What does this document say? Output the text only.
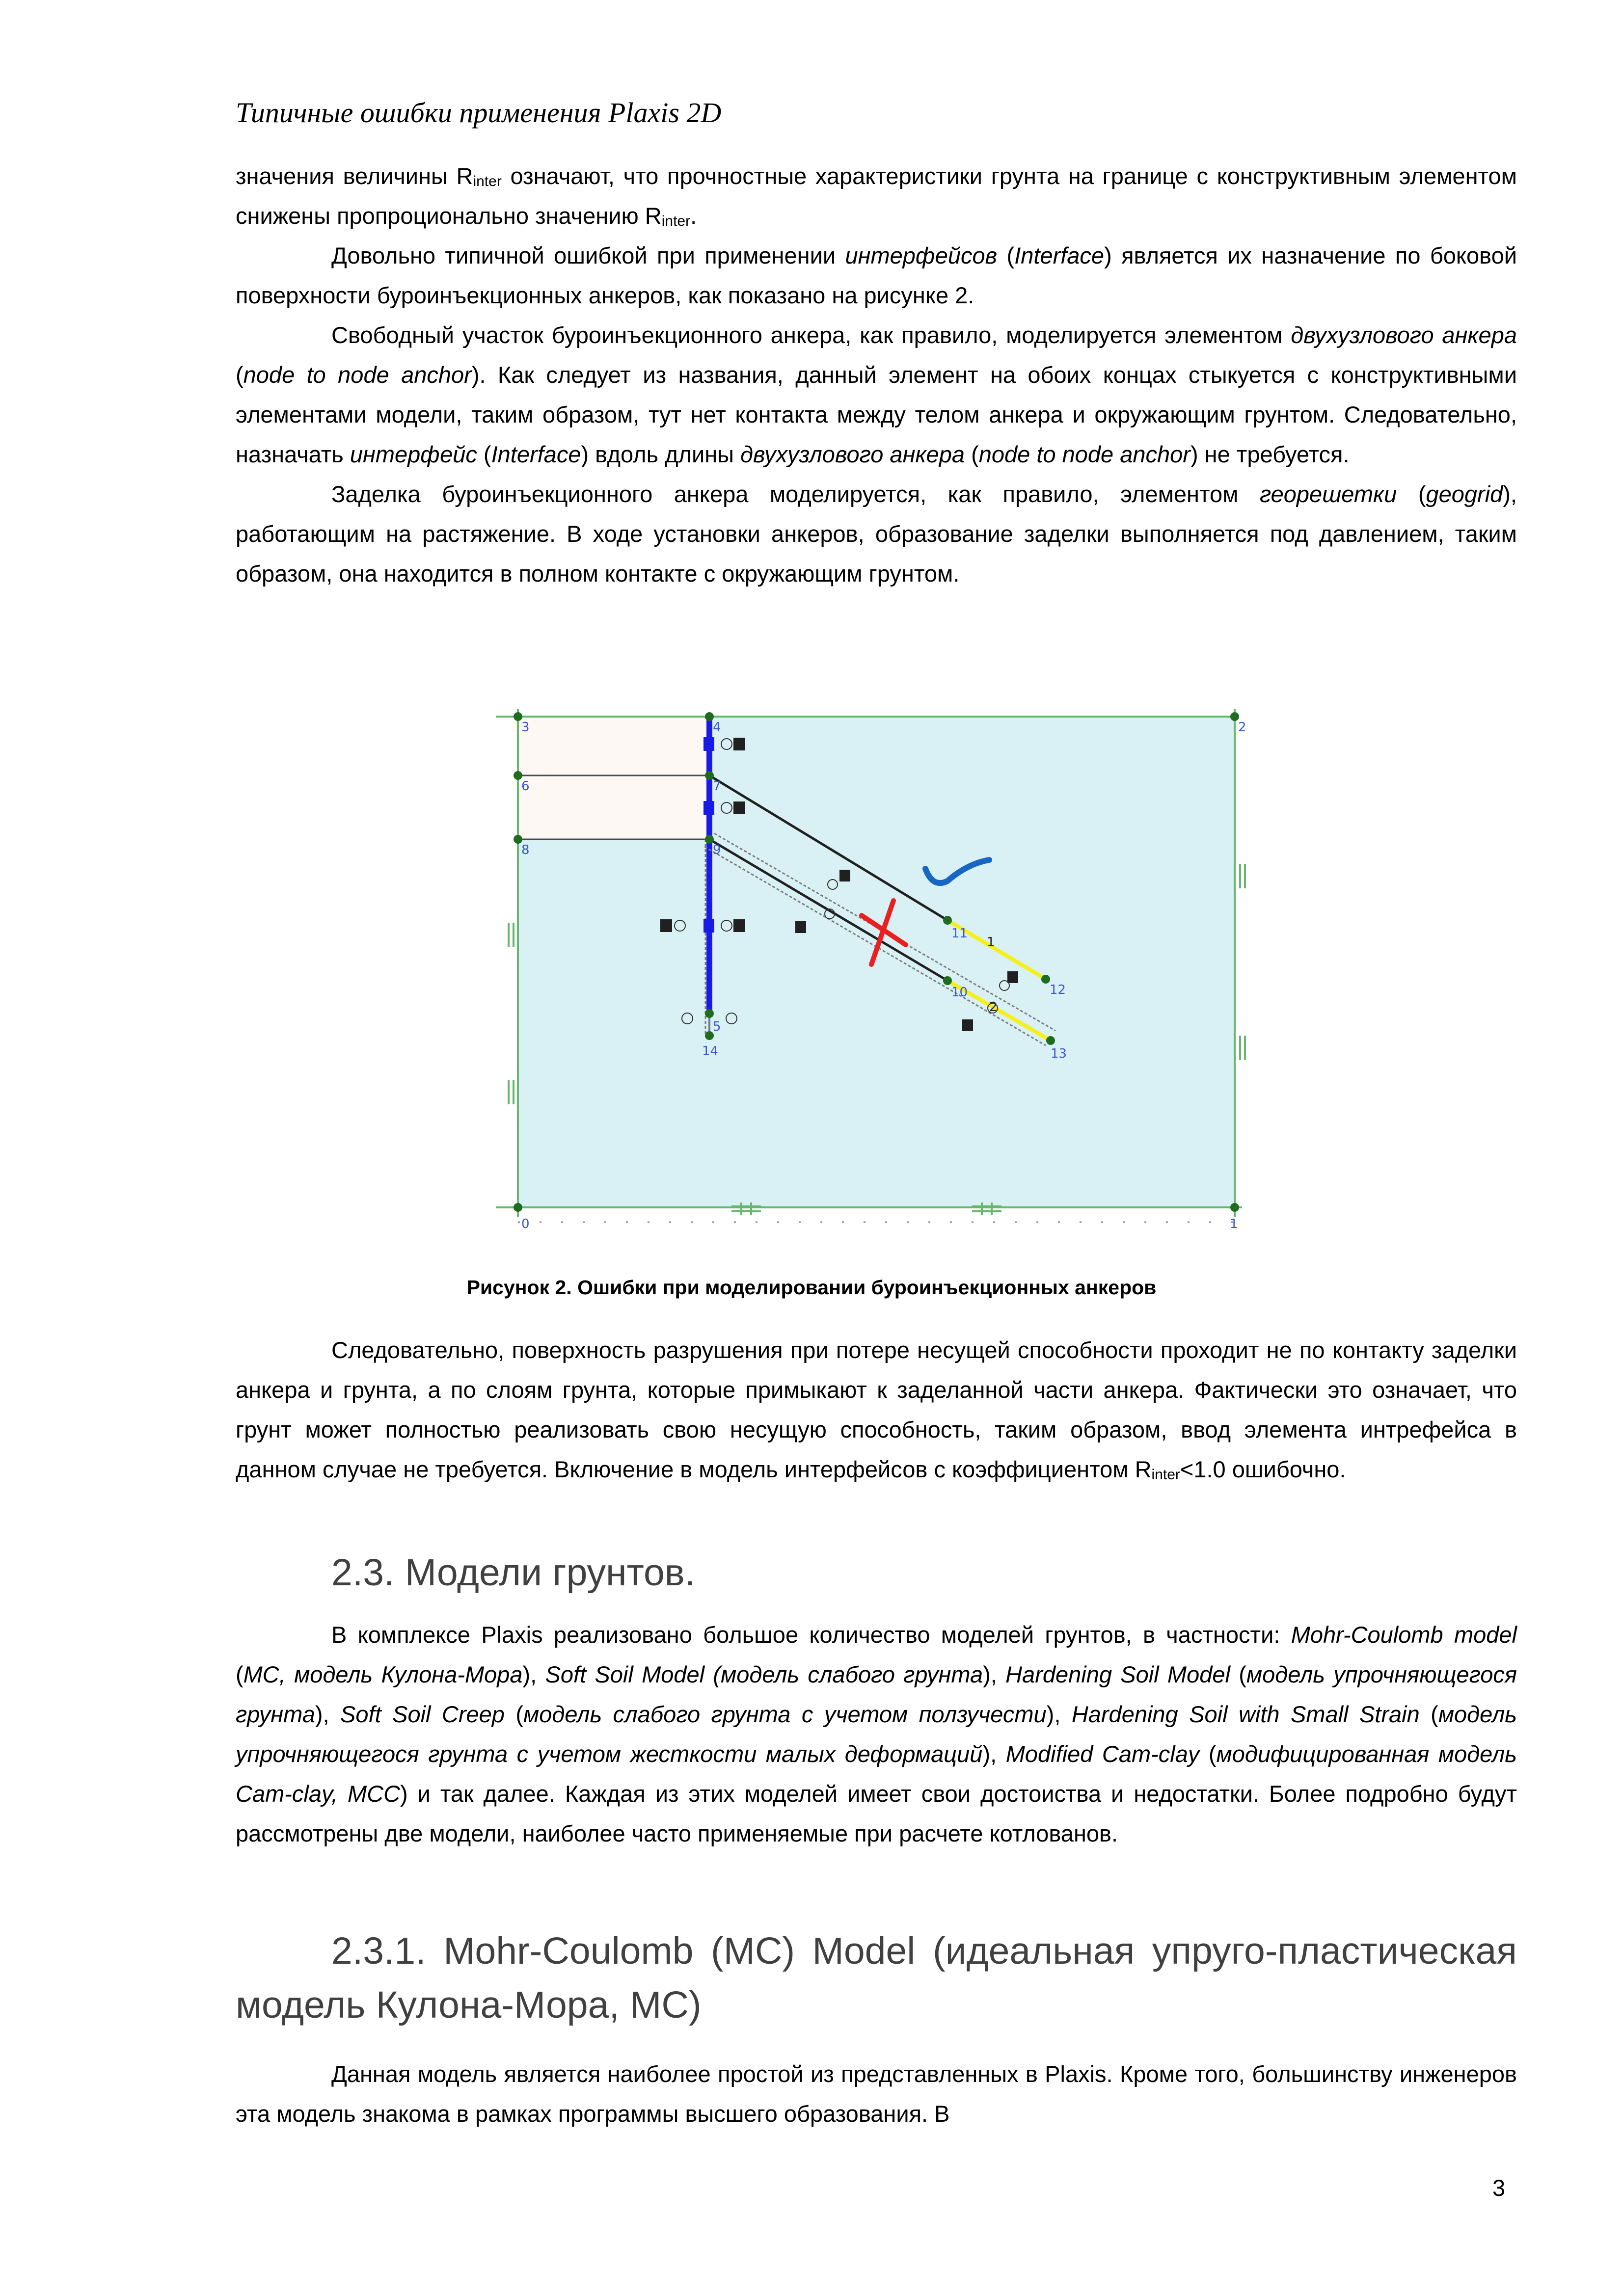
Типичные ошибки применения Plaxis 2D

значения величины $R_{inter}$ означают, что прочностные характеристики грунта на границе с конструктивным элементом снижены пропроционально значению $R_{inter}$.

Довольно типичной ошибкой при применении интерфейсов (Interface) является их назначение по боковой поверхности буроинъекционных анкеров, как показано на рисунке 2.

Свободный участок буроинъекционного анкера, как правило, моделируется элементом двухузлового анкера (node to node anchor). Как следует из названия, данный элемент на обоих концах стыкуется с конструктивными элементами модели, таким образом, тут нет контакта между телом анкера и окружающим грунтом. Следовательно, назначать интерфейс (Interface) вдоль длины двухузлового анкера (node to node anchor) не требуется.

Заделка буроинъекционного анкера моделируется, как правило, элементом георешетки (geogrid), работающим на растяжение. В ходе установки анкеров, образование заделки выполняется под давлением, таким образом, она находится в полном контакте с окружающим грунтом.

3	4	2
6	7
8	9
11
12
10
13
5
14
0	1
1
2
Рисунок 2. Ошибки при моделировании буроинъекционных анкеров

Следовательно, поверхность разрушения при потере несущей способности проходит не по контакту заделки анкера и грунта, а по слоям грунта, которые примыкают к заделанной части анкера. Фактически это означает, что грунт может полностью реализовать свою несущую способность, таким образом, ввод элемента интрефейса в данном случае не требуется. Включение в модель интерфейсов с коэффициентом $R_{inter}<1.0$ ошибочно.

2.3. Модели грунтов.

В комплексе Plaxis реализовано большое количество моделей грунтов, в частности: Mohr-Coulomb model (MC, модель Кулона-Мора), Soft Soil Model (модель слабого грунта), Hardening Soil Model (модель упрочняющегося грунта), Soft Soil Creep (модель слабого грунта с учетом ползучести), Hardening Soil with Small Strain (модель упрочняющегося грунта с учетом жесткости малых деформаций), Modified Cam-clay (модифицированная модель Cam-clay, MCC) и так далее. Каждая из этих моделей имеет свои достоиства и недостатки. Более подробно будут рассмотрены две модели, наиболее часто применяемые при расчете котлованов.

2.3.1. Mohr-Coulomb (MC) Model (идеальная упруго-пластическая модель Кулона-Мора, МС)

Данная модель является наиболее простой из представленных в Plaxis. Кроме того, большинству инженеров эта модель знакома в рамках программы высшего образования. В

3
